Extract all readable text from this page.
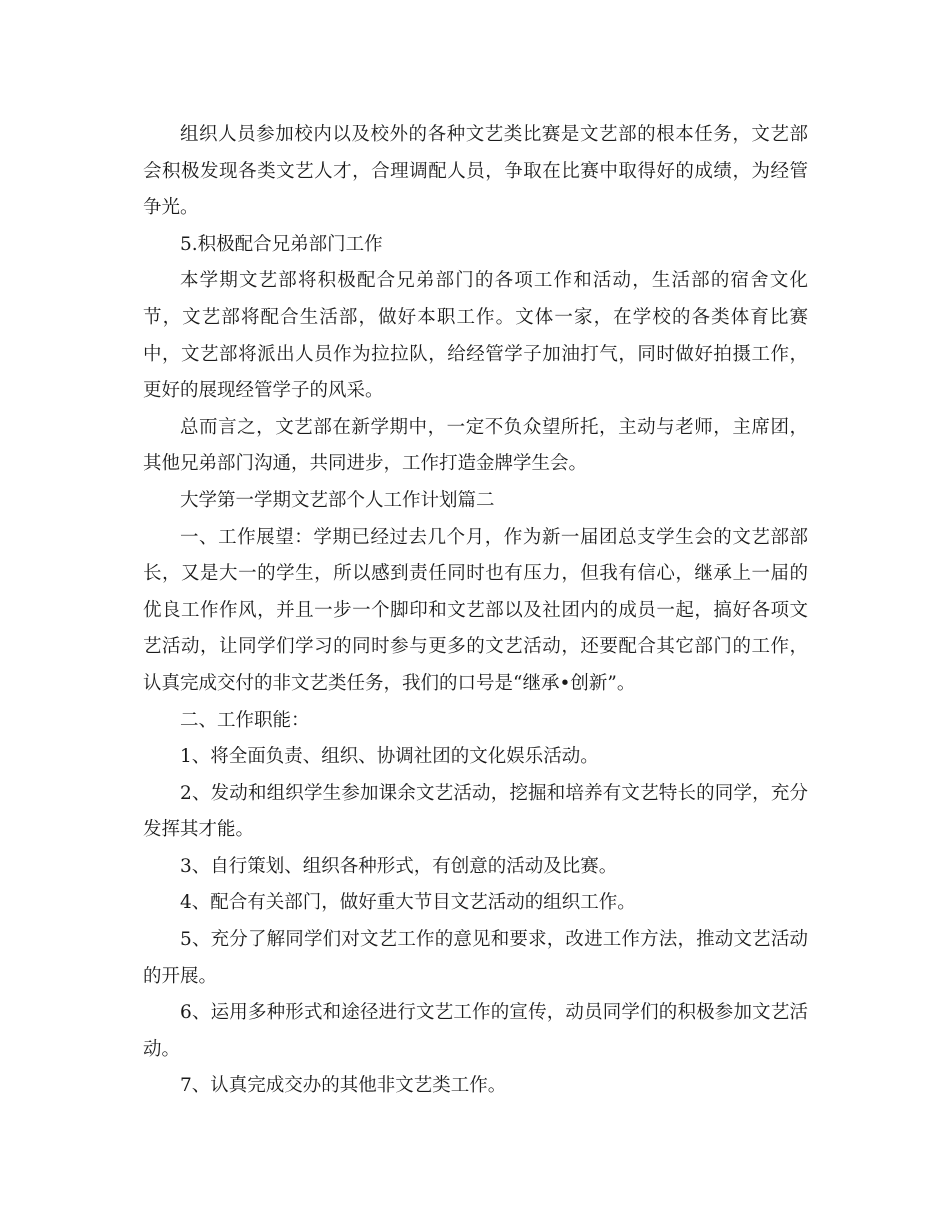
组织人员参加校内以及校外的各种文艺类比赛是文艺部的根本任务，文艺部会积极发现各类文艺人才，合理调配人员，争取在比赛中取得好的成绩，为经管争光。

5.积极配合兄弟部门工作

本学期文艺部将积极配合兄弟部门的各项工作和活动，生活部的宿舍文化节，文艺部将配合生活部，做好本职工作。文体一家，在学校的各类体育比赛中，文艺部将派出人员作为拉拉队，给经管学子加油打气，同时做好拍摄工作，更好的展现经管学子的风采。

总而言之，文艺部在新学期中，一定不负众望所托，主动与老师，主席团，其他兄弟部门沟通，共同进步，工作打造金牌学生会。

大学第一学期文艺部个人工作计划篇二

一、工作展望：学期已经过去几个月，作为新一届团总支学生会的文艺部部长，又是大一的学生，所以感到责任同时也有压力，但我有信心，继承上一届的优良工作作风，并且一步一个脚印和文艺部以及社团内的成员一起，搞好各项文艺活动，让同学们学习的同时参与更多的文艺活动，还要配合其它部门的工作，认真完成交付的非文艺类任务，我们的口号是“继承•创新”。

二、工作职能：

1、将全面负责、组织、协调社团的文化娱乐活动。

2、发动和组织学生参加课余文艺活动，挖掘和培养有文艺特长的同学，充分发挥其才能。

3、自行策划、组织各种形式，有创意的活动及比赛。

4、配合有关部门，做好重大节目文艺活动的组织工作。

5、充分了解同学们对文艺工作的意见和要求，改进工作方法，推动文艺活动的开展。

6、运用多种形式和途径进行文艺工作的宣传，动员同学们的积极参加文艺活动。

7、认真完成交办的其他非文艺类工作。
